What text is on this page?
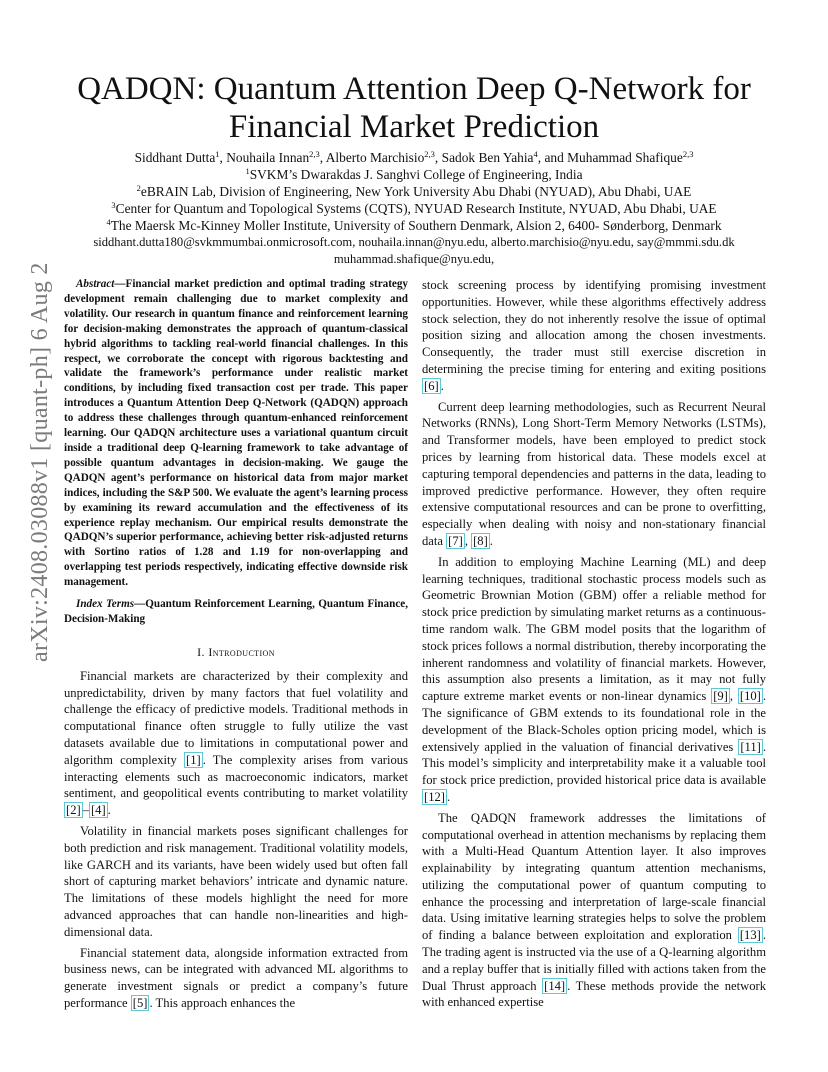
arXiv:2408.03088v1 [quant-ph] 6 Aug 2024
QADQN: Quantum Attention Deep Q-Network for
Financial Market Prediction
Siddhant Dutta$^1$, Nouhaila Innan$^{2,3}$, Alberto Marchisio$^{2,3}$, Sadok Ben Yahia$^4$, and Muhammad Shafique$^{2,3}$
$^1$SVKM’s Dwarakdas J. Sanghvi College of Engineering, India
$^2$eBRAIN Lab, Division of Engineering, New York University Abu Dhabi (NYUAD), Abu Dhabi, UAE
$^3$Center for Quantum and Topological Systems (CQTS), NYUAD Research Institute, NYUAD, Abu Dhabi, UAE
$^4$The Maersk Mc-Kinney Moller Institute, University of Southern Denmark, Alsion 2, 6400- Sønderborg, Denmark
siddhant.dutta180@svkmmumbai.onmicrosoft.com, nouhaila.innan@nyu.edu, alberto.marchisio@nyu.edu, say@mmmi.sdu.dk
muhammad.shafique@nyu.edu,

Abstract—Financial market prediction and optimal trading strategy development remain challenging due to market complexity and volatility. Our research in quantum finance and reinforcement learning for decision-making demonstrates the approach of quantum-classical hybrid algorithms to tackling real-world financial challenges. In this respect, we corroborate the concept with rigorous backtesting and validate the framework’s performance under realistic market conditions, by including fixed transaction cost per trade. This paper introduces a Quantum Attention Deep Q-Network (QADQN) approach to address these challenges through quantum-enhanced reinforcement learning. Our QADQN architecture uses a variational quantum circuit inside a traditional deep Q-learning framework to take advantage of possible quantum advantages in decision-making. We gauge the QADQN agent’s performance on historical data from major market indices, including the S&P 500. We evaluate the agent’s learning process by examining its reward accumulation and the effectiveness of its experience replay mechanism. Our empirical results demonstrate the QADQN’s superior performance, achieving better risk-adjusted returns with Sortino ratios of 1.28 and 1.19 for non-overlapping and overlapping test periods respectively, indicating effective downside risk management.

Index Terms—Quantum Reinforcement Learning, Quantum Finance, Decision-Making

I. Introduction

Financial markets are characterized by their complexity and unpredictability, driven by many factors that fuel volatility and challenge the efficacy of predictive models. Traditional methods in computational finance often struggle to fully utilize the vast datasets available due to limitations in computational power and algorithm complexity [1] . The complexity arises from various interacting elements such as macroeconomic indicators, market sentiment, and geopolitical events contributing to market volatility [2] – [4] .

Volatility in financial markets poses significant challenges for both prediction and risk management. Traditional volatility models, like GARCH and its variants, have been widely used but often fall short of capturing market behaviors’ intricate and dynamic nature. The limitations of these models highlight the need for more advanced approaches that can handle non-linearities and high-dimensional data.

Financial statement data, alongside information extracted from business news, can be integrated with advanced ML algorithms to generate investment signals or predict a company’s future performance [5] . This approach enhances the

stock screening process by identifying promising investment opportunities. However, while these algorithms effectively address stock selection, they do not inherently resolve the issue of optimal position sizing and allocation among the chosen investments. Consequently, the trader must still exercise discretion in determining the precise timing for entering and exiting positions [6] .

Current deep learning methodologies, such as Recurrent Neural Networks (RNNs), Long Short-Term Memory Networks (LSTMs), and Transformer models, have been employed to predict stock prices by learning from historical data. These models excel at capturing temporal dependencies and patterns in the data, leading to improved predictive performance. However, they often require extensive computational resources and can be prone to overfitting, especially when dealing with noisy and non-stationary financial data [7] , [8] .

In addition to employing Machine Learning (ML) and deep learning techniques, traditional stochastic process models such as Geometric Brownian Motion (GBM) offer a reliable method for stock price prediction by simulating market returns as a continuous-time random walk. The GBM model posits that the logarithm of stock prices follows a normal distribution, thereby incorporating the inherent randomness and volatility of financial markets. However, this assumption also presents a limitation, as it may not fully capture extreme market events or non-linear dynamics [9] , [10] . The significance of GBM extends to its foundational role in the development of the Black-Scholes option pricing model, which is extensively applied in the valuation of financial derivatives [11] . This model’s simplicity and interpretability make it a valuable tool for stock price prediction, provided historical price data is available [12] .

The QADQN framework addresses the limitations of computational overhead in attention mechanisms by replacing them with a Multi-Head Quantum Attention layer. It also improves explainability by integrating quantum attention mechanisms, utilizing the computational power of quantum computing to enhance the processing and interpretation of large-scale financial data. Using imitative learning strategies helps to solve the problem of finding a balance between exploitation and exploration [13] . The trading agent is instructed via the use of a Q-learning algorithm and a replay buffer that is initially filled with actions taken from the Dual Thrust approach [14] . These methods provide the network with enhanced expertise
